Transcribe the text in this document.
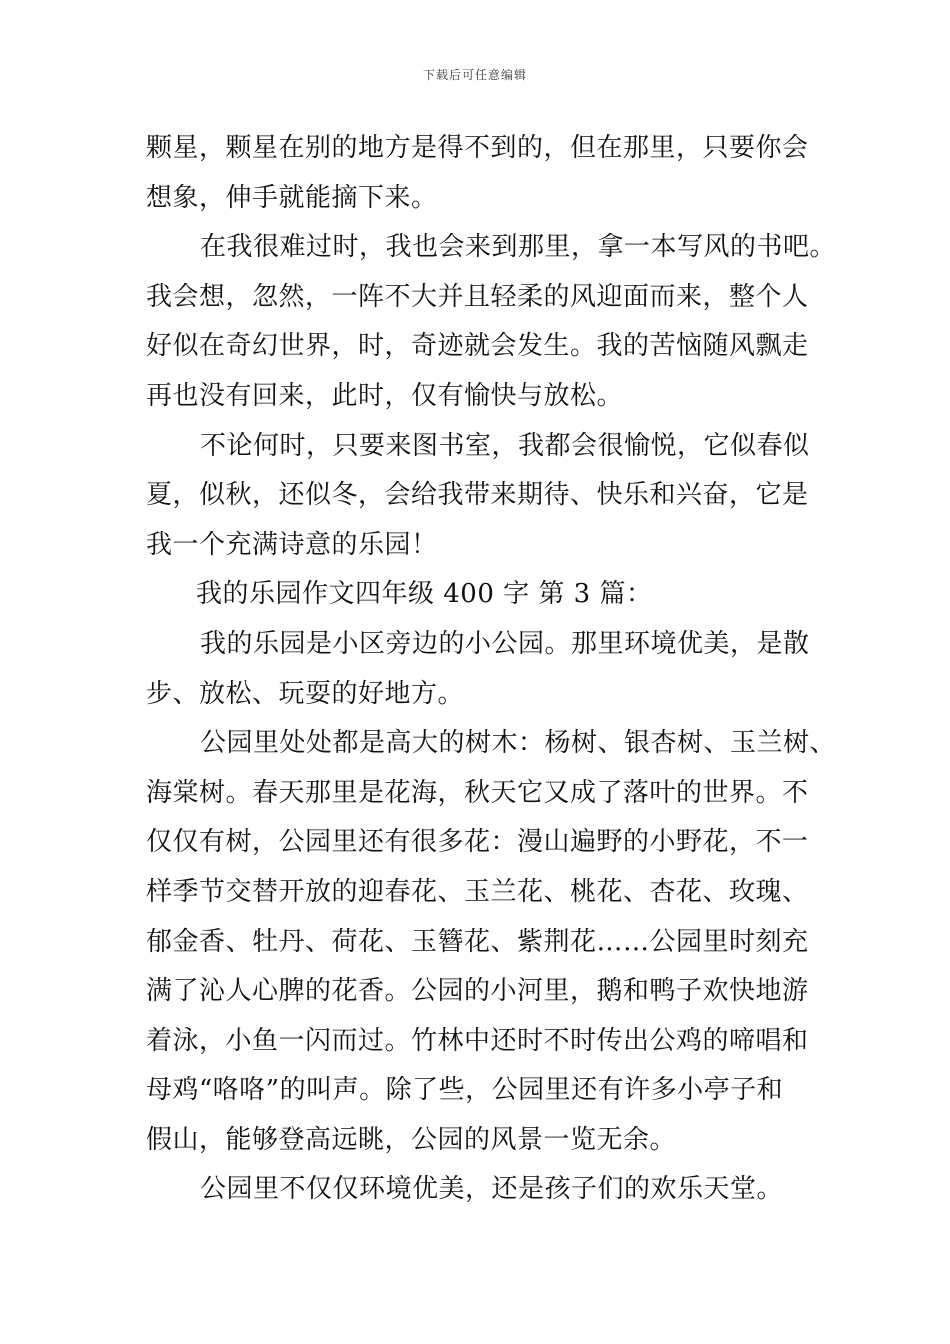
下载后可任意编辑
颗星，颗星在别的地方是得不到的，但在那里，只要你会
想象，伸手就能摘下来。
在我很难过时，我也会来到那里，拿一本写风的书吧。
我会想，忽然，一阵不大并且轻柔的风迎面而来，整个人
好似在奇幻世界，时，奇迹就会发生。我的苦恼随风飘走
再也没有回来，此时，仅有愉快与放松。
不论何时，只要来图书室，我都会很愉悦，它似春似
夏，似秋，还似冬，会给我带来期待、快乐和兴奋，它是
我一个充满诗意的乐园！
我的乐园作文四年级 400 字 第 3 篇：
我的乐园是小区旁边的小公园。那里环境优美，是散
步、放松、玩耍的好地方。
公园里处处都是高大的树木：杨树、银杏树、玉兰树、
海棠树。春天那里是花海，秋天它又成了落叶的世界。不
仅仅有树，公园里还有很多花：漫山遍野的小野花，不一
样季节交替开放的迎春花、玉兰花、桃花、杏花、玫瑰、
郁金香、牡丹、荷花、玉簪花、紫荆花……公园里时刻充
满了沁人心脾的花香。公园的小河里，鹅和鸭子欢快地游
着泳，小鱼一闪而过。竹林中还时不时传出公鸡的啼唱和
母鸡“咯咯”的叫声。除了些，公园里还有许多小亭子和
假山，能够登高远眺，公园的风景一览无余。
公园里不仅仅环境优美，还是孩子们的欢乐天堂。
